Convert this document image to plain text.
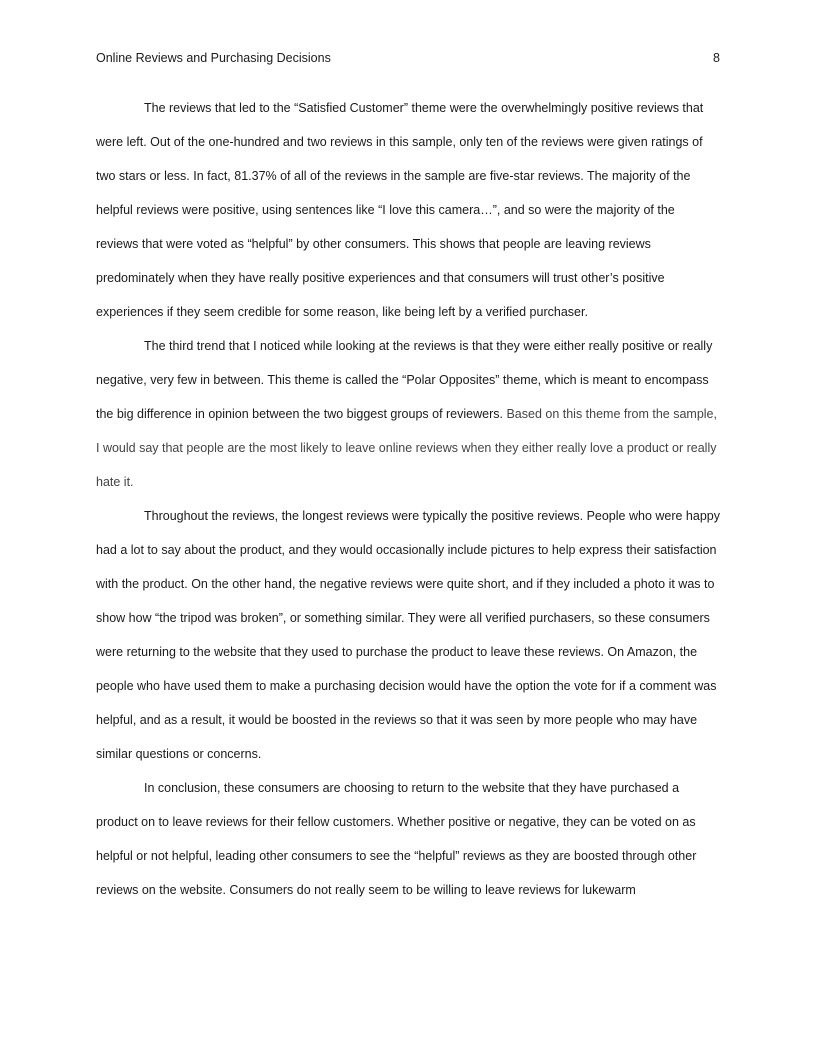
Online Reviews and Purchasing Decisions	8

The reviews that led to the “Satisfied Customer” theme were the overwhelmingly positive reviews that were left. Out of the one-hundred and two reviews in this sample, only ten of the reviews were given ratings of two stars or less. In fact, 81.37% of all of the reviews in the sample are five-star reviews. The majority of the helpful reviews were positive, using sentences like “I love this camera…”, and so were the majority of the reviews that were voted as “helpful” by other consumers. This shows that people are leaving reviews predominately when they have really positive experiences and that consumers will trust other’s positive experiences if they seem credible for some reason, like being left by a verified purchaser.

The third trend that I noticed while looking at the reviews is that they were either really positive or really negative, very few in between. This theme is called the “Polar Opposites” theme, which is meant to encompass the big difference in opinion between the two biggest groups of reviewers. Based on this theme from the sample, I would say that people are the most likely to leave online reviews when they either really love a product or really hate it.

Throughout the reviews, the longest reviews were typically the positive reviews. People who were happy had a lot to say about the product, and they would occasionally include pictures to help express their satisfaction with the product. On the other hand, the negative reviews were quite short, and if they included a photo it was to show how “the tripod was broken”, or something similar. They were all verified purchasers, so these consumers were returning to the website that they used to purchase the product to leave these reviews. On Amazon, the people who have used them to make a purchasing decision would have the option the vote for if a comment was helpful, and as a result, it would be boosted in the reviews so that it was seen by more people who may have similar questions or concerns.

In conclusion, these consumers are choosing to return to the website that they have purchased a product on to leave reviews for their fellow customers. Whether positive or negative, they can be voted on as helpful or not helpful, leading other consumers to see the “helpful” reviews as they are boosted through other reviews on the website. Consumers do not really seem to be willing to leave reviews for lukewarm
